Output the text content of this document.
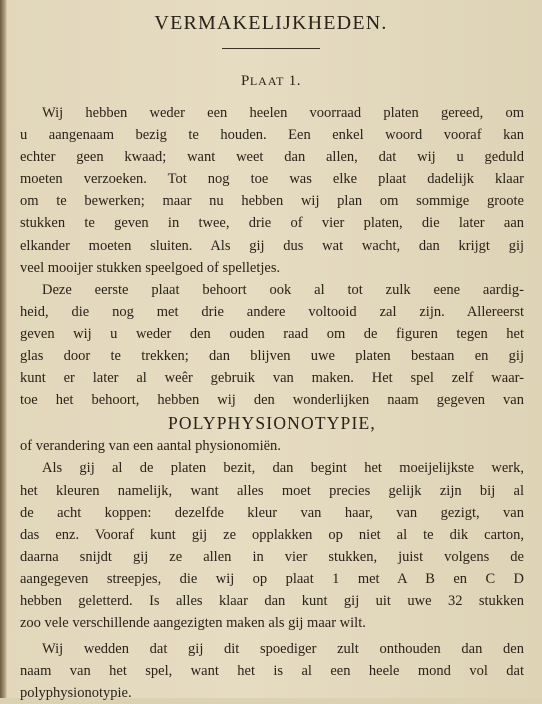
VERMAKELIJKHEDEN.
PLAAT 1.
Wij hebben weder een heelen voorraad platen gereed, om
u aangenaam bezig te houden. Een enkel woord vooraf kan
echter geen kwaad; want weet dan allen, dat wij u geduld
moeten verzoeken. Tot nog toe was elke plaat dadelijk klaar
om te bewerken; maar nu hebben wij plan om sommige groote
stukken te geven in twee, drie of vier platen, die later aan
elkander moeten sluiten. Als gij dus wat wacht, dan krijgt gij
veel mooijer stukken speelgoed of spelletjes.
Deze eerste plaat behoort ook al tot zulk eene aardig-
heid, die nog met drie andere voltooid zal zijn. Allereerst
geven wij u weder den ouden raad om de figuren tegen het
glas door te trekken; dan blijven uwe platen bestaan en gij
kunt er later al weêr gebruik van maken. Het spel zelf waar-
toe het behoort, hebben wij den wonderlijken naam gegeven van
POLYPHYSIONOTYPIE,
of verandering van een aantal physionomiën.
Als gij al de platen bezit, dan begint het moeijelijkste werk,
het kleuren namelijk, want alles moet precies gelijk zijn bij al
de acht koppen: dezelfde kleur van haar, van gezigt, van
das enz. Vooraf kunt gij ze opplakken op niet al te dik carton,
daarna snijdt gij ze allen in vier stukken, juist volgens de
aangegeven streepjes, die wij op plaat 1 met A B en C D
hebben geletterd. Is alles klaar dan kunt gij uit uwe 32 stukken
zoo vele verschillende aangezigten maken als gij maar wilt.
Wij wedden dat gij dit spoediger zult onthouden dan den
naam van het spel, want het is al een heele mond vol dat
polyphysionotypie.
